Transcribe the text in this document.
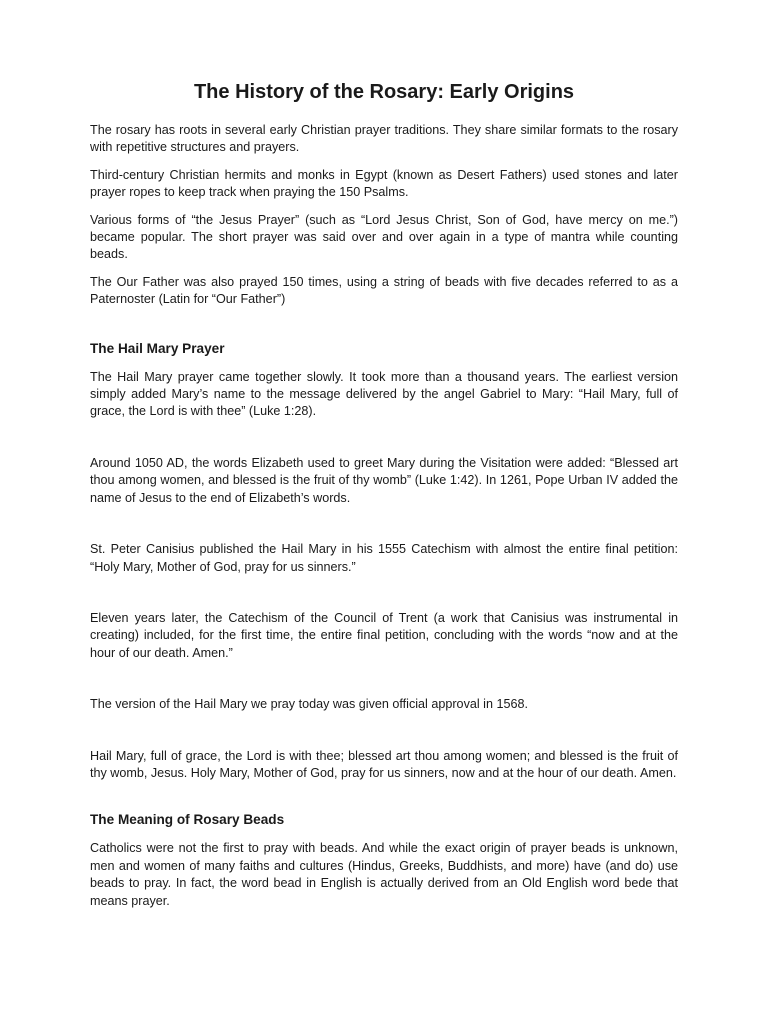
The History of the Rosary: Early Origins

The rosary has roots in several early Christian prayer traditions. They share similar formats to the rosary with repetitive structures and prayers.

Third-century Christian hermits and monks in Egypt (known as Desert Fathers) used stones and later prayer ropes to keep track when praying the 150 Psalms.

Various forms of “the Jesus Prayer” (such as “Lord Jesus Christ, Son of God, have mercy on me.”) became popular. The short prayer was said over and over again in a type of mantra while counting beads.

The Our Father was also prayed 150 times, using a string of beads with five decades referred to as a Paternoster (Latin for “Our Father”)

The Hail Mary Prayer

The Hail Mary prayer came together slowly. It took more than a thousand years. The earliest version simply added Mary’s name to the message delivered by the angel Gabriel to Mary: “Hail Mary, full of grace, the Lord is with thee” (Luke 1:28).

Around 1050 AD, the words Elizabeth used to greet Mary during the Visitation were added: “Blessed art thou among women, and blessed is the fruit of thy womb” (Luke 1:42). In 1261, Pope Urban IV added the name of Jesus to the end of Elizabeth’s words.

St. Peter Canisius published the Hail Mary in his 1555 Catechism with almost the entire final petition: “Holy Mary, Mother of God, pray for us sinners.”

Eleven years later, the Catechism of the Council of Trent (a work that Canisius was instrumental in creating) included, for the first time, the entire final petition, concluding with the words “now and at the hour of our death. Amen.”

The version of the Hail Mary we pray today was given official approval in 1568.

Hail Mary, full of grace, the Lord is with thee; blessed art thou among women; and blessed is the fruit of thy womb, Jesus. Holy Mary, Mother of God, pray for us sinners, now and at the hour of our death. Amen.

The Meaning of Rosary Beads

Catholics were not the first to pray with beads. And while the exact origin of prayer beads is unknown, men and women of many faiths and cultures (Hindus, Greeks, Buddhists, and more) have (and do) use beads to pray. In fact, the word bead in English is actually derived from an Old English word bede that means prayer.
